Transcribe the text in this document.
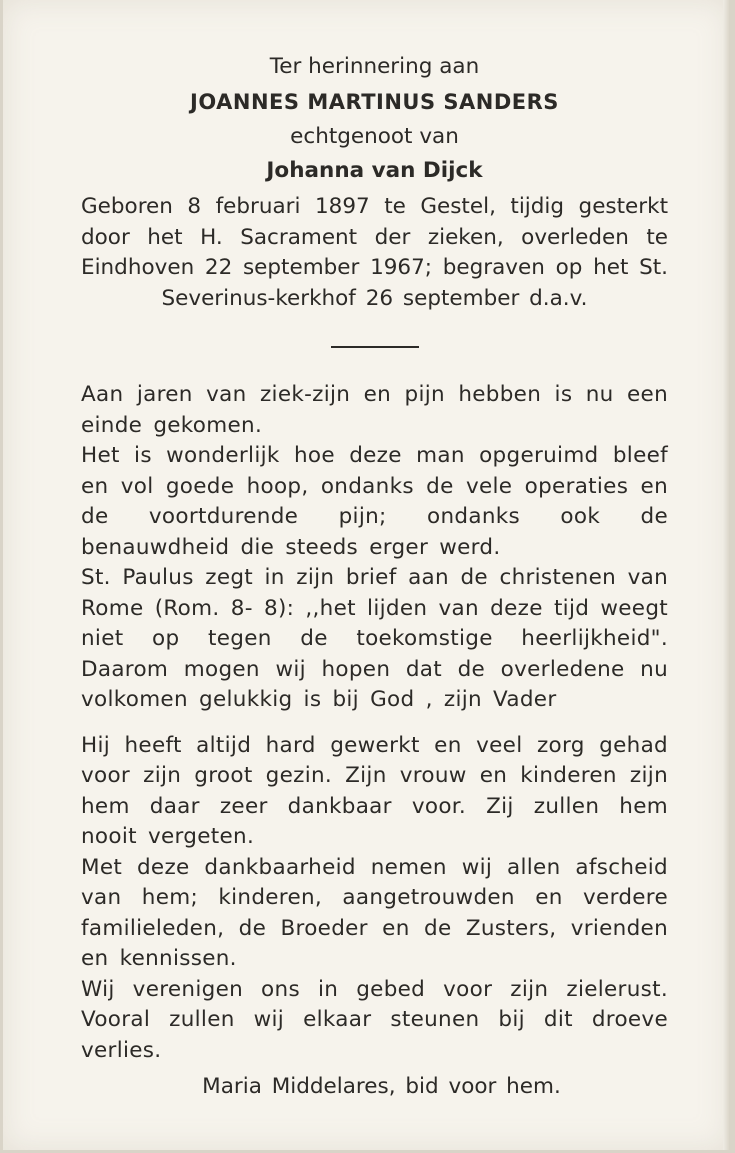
Ter herinnering aan

JOANNES MARTINUS SANDERS

echtgenoot van

Johanna van Dijck

Geboren 8 februari 1897 te Gestel, tijdig gesterkt door het H. Sacrament der zieken, overleden te Eindhoven 22 september 1967; begraven op het St. Severinus-kerkhof 26 september d.a.v.

Aan jaren van ziek-zijn en pijn hebben is nu een einde gekomen.

Het is wonderlijk hoe deze man opgeruimd bleef en vol goede hoop, ondanks de vele operaties en de voortdurende pijn; ondanks ook de benauwdheid die steeds erger werd.

St. Paulus zegt in zijn brief aan de christenen van Rome (Rom. 8- 8): ,,het lijden van deze tijd weegt niet op tegen de toekomstige heerlijkheid". Daarom mogen wij hopen dat de overledene nu volkomen gelukkig is bij God , zijn Vader

Hij heeft altijd hard gewerkt en veel zorg gehad voor zijn groot gezin. Zijn vrouw en kinderen zijn hem daar zeer dankbaar voor. Zij zullen hem nooit vergeten.

Met deze dankbaarheid nemen wij allen afscheid van hem; kinderen, aangetrouwden en verdere familieleden, de Broeder en de Zusters, vrienden en kennissen.

Wij verenigen ons in gebed voor zijn zielerust. Vooral zullen wij elkaar steunen bij dit droeve verlies.

Maria Middelares, bid voor hem.
